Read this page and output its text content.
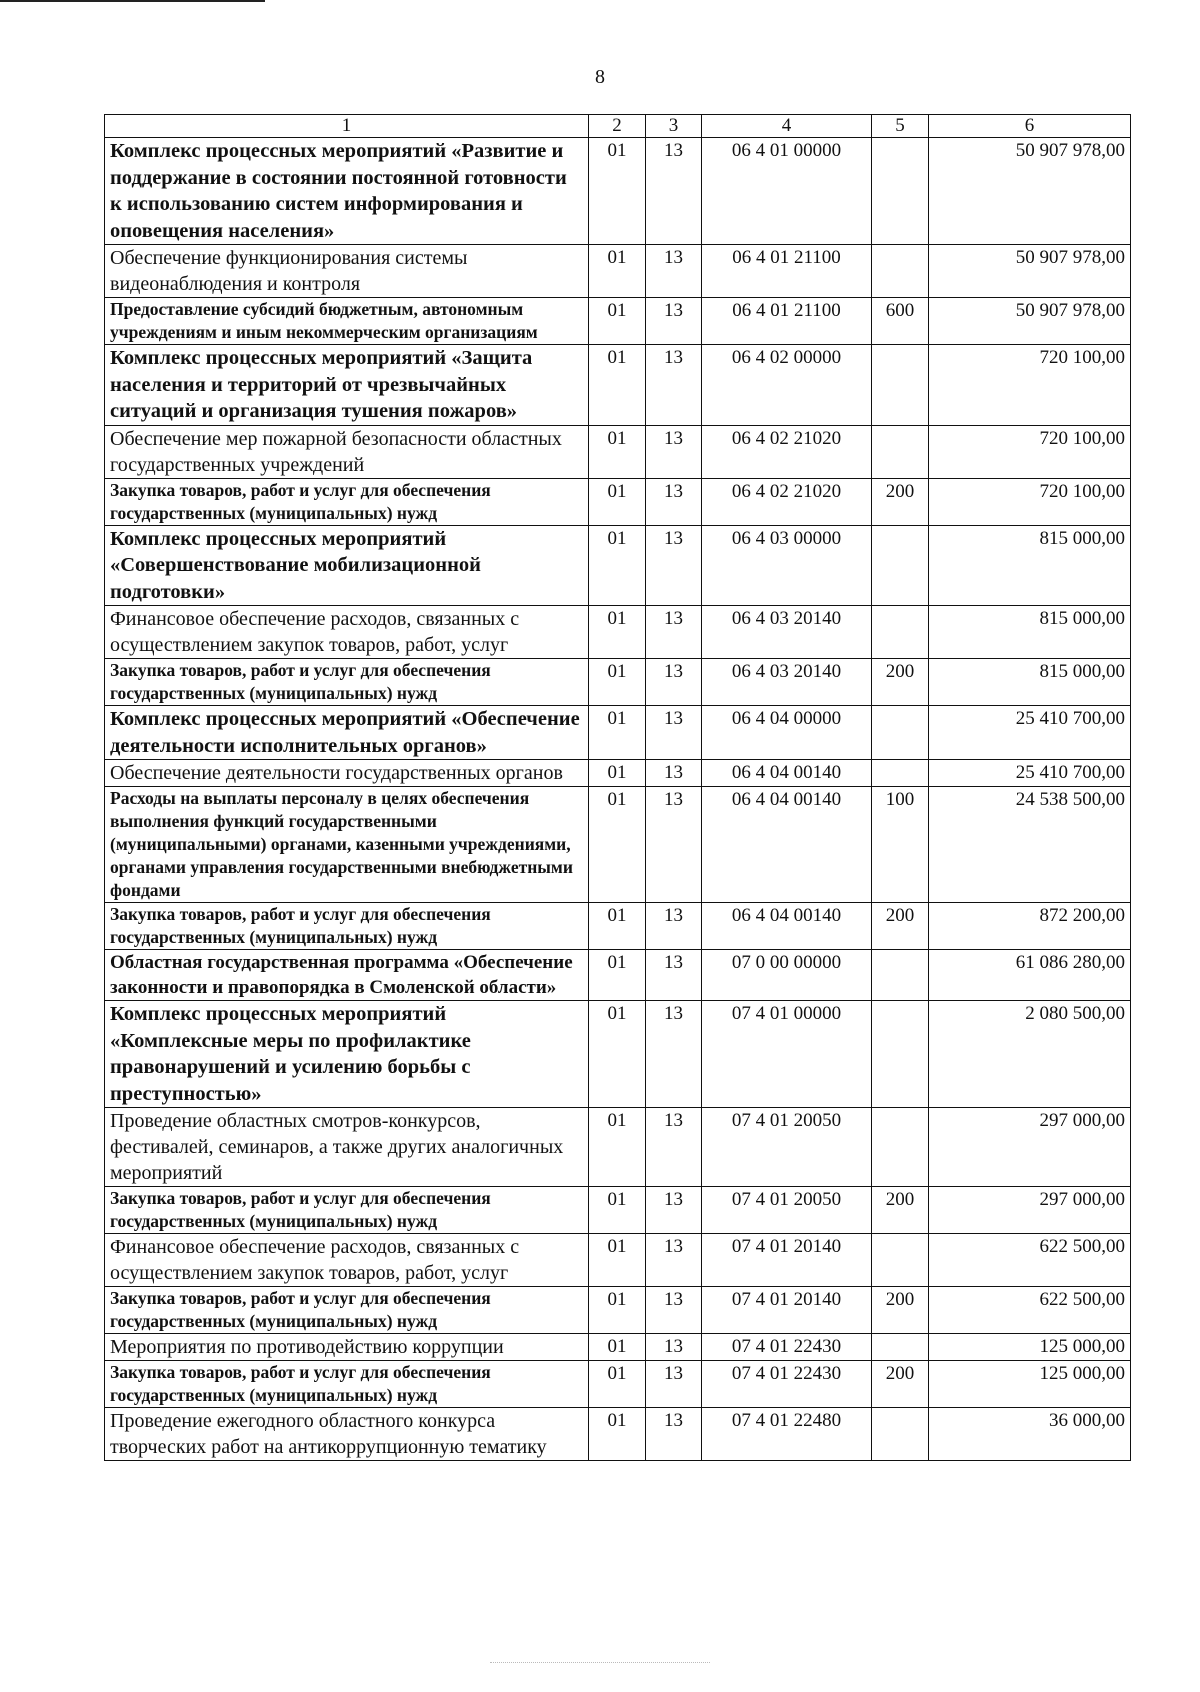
8
1	2	3	4	5	6
Комплекс процессных мероприятий «Развитие и поддержание в состоянии постоянной готовности к использованию систем информирования и оповещения населения»	01	13	06 4 01 00000		50 907 978,00
Обеспечение функционирования системы видеонаблюдения и контроля	01	13	06 4 01 21100		50 907 978,00
Предоставление субсидий бюджетным, автономным учреждениям и иным некоммерческим организациям	01	13	06 4 01 21100	600	50 907 978,00
Комплекс процессных мероприятий «Защита населения и территорий от чрезвычайных ситуаций и организация тушения пожаров»	01	13	06 4 02 00000		720 100,00
Обеспечение мер пожарной безопасности областных государственных учреждений	01	13	06 4 02 21020		720 100,00
Закупка товаров, работ и услуг для обеспечения государственных (муниципальных) нужд	01	13	06 4 02 21020	200	720 100,00
Комплекс процессных мероприятий «Совершенствование мобилизационной подготовки»	01	13	06 4 03 00000		815 000,00
Финансовое обеспечение расходов, связанных с осуществлением закупок товаров, работ, услуг	01	13	06 4 03 20140		815 000,00
Закупка товаров, работ и услуг для обеспечения государственных (муниципальных) нужд	01	13	06 4 03 20140	200	815 000,00
Комплекс процессных мероприятий «Обеспечение деятельности исполнительных органов»	01	13	06 4 04 00000		25 410 700,00
Обеспечение деятельности государственных органов	01	13	06 4 04 00140		25 410 700,00
Расходы на выплаты персоналу в целях обеспечения выполнения функций государственными (муниципальными) органами, казенными учреждениями, органами управления государственными внебюджетными фондами	01	13	06 4 04 00140	100	24 538 500,00
Закупка товаров, работ и услуг для обеспечения государственных (муниципальных) нужд	01	13	06 4 04 00140	200	872 200,00
Областная государственная программа «Обеспечение законности и правопорядка в Смоленской области»	01	13	07 0 00 00000		61 086 280,00
Комплекс процессных мероприятий «Комплексные меры по профилактике правонарушений и усилению борьбы с преступностью»	01	13	07 4 01 00000		2 080 500,00
Проведение областных смотров-конкурсов, фестивалей, семинаров, а также других аналогичных мероприятий	01	13	07 4 01 20050		297 000,00
Закупка товаров, работ и услуг для обеспечения государственных (муниципальных) нужд	01	13	07 4 01 20050	200	297 000,00
Финансовое обеспечение расходов, связанных с осуществлением закупок товаров, работ, услуг	01	13	07 4 01 20140		622 500,00
Закупка товаров, работ и услуг для обеспечения государственных (муниципальных) нужд	01	13	07 4 01 20140	200	622 500,00
Мероприятия по противодействию коррупции	01	13	07 4 01 22430		125 000,00
Закупка товаров, работ и услуг для обеспечения государственных (муниципальных) нужд	01	13	07 4 01 22430	200	125 000,00
Проведение ежегодного областного конкурса творческих работ на антикоррупционную тематику	01	13	07 4 01 22480		36 000,00
